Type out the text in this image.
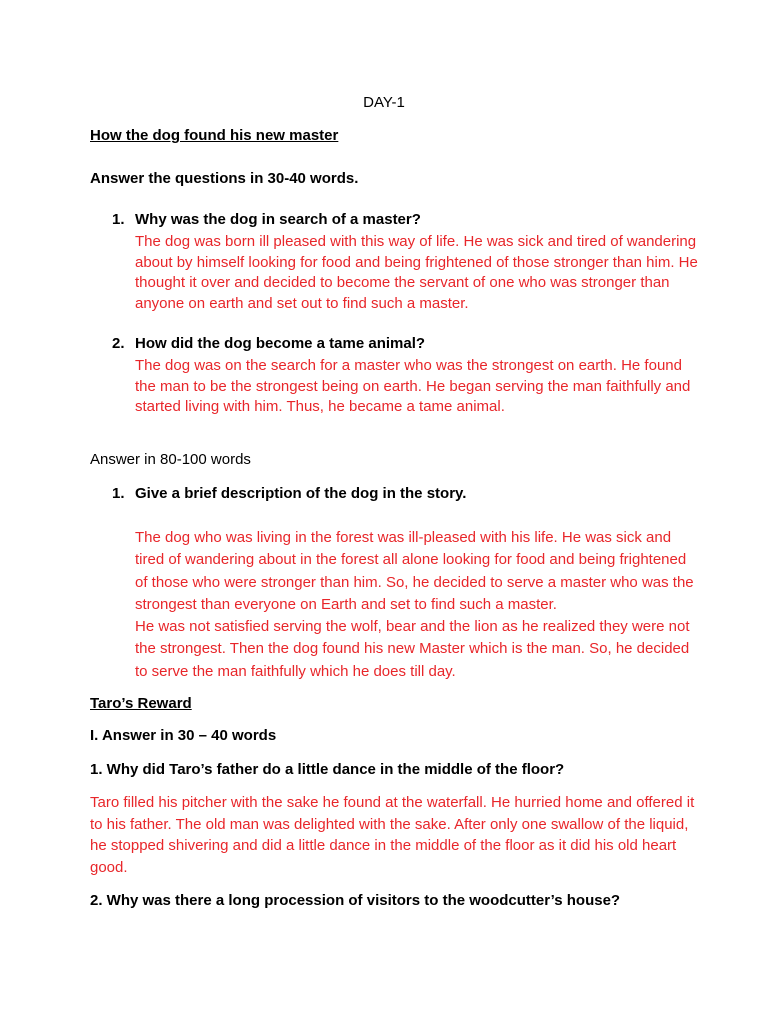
DAY-1
How the dog found his new master
Answer the questions in 30-40 words.
1. Why was the dog in search of a master?
The dog was born ill pleased with this way of life. He was sick and tired of wandering
about by himself looking for food and being frightened of those stronger than him. He
thought it over and decided to become the servant of one who was stronger than
anyone on earth and set out to find such a master.
2. How did the dog become a tame animal?
The dog was on the search for a master who was the strongest on earth. He found
the man to be the strongest being on earth. He began serving the man faithfully and
started living with him. Thus, he became a tame animal.
Answer in 80-100 words
1. Give a brief description of the dog in the story.
The dog who was living in the forest was ill-pleased with his life. He was sick and
tired of wandering about in the forest all alone looking for food and being frightened
of those who were stronger than him. So, he decided to serve a master who was the
strongest than everyone on Earth and set to find such a master.
He was not satisfied serving the wolf, bear and the lion as he realized they were not
the strongest. Then the dog found his new Master which is the man. So, he decided
to serve the man faithfully which he does till day.
Taro’s Reward
I. Answer in 30 – 40 words
1. Why did Taro’s father do a little dance in the middle of the floor?
Taro filled his pitcher with the sake he found at the waterfall. He hurried home and offered it
to his father. The old man was delighted with the sake. After only one swallow of the liquid,
he stopped shivering and did a little dance in the middle of the floor as it did his old heart
good.
2. Why was there a long procession of visitors to the woodcutter’s house?
